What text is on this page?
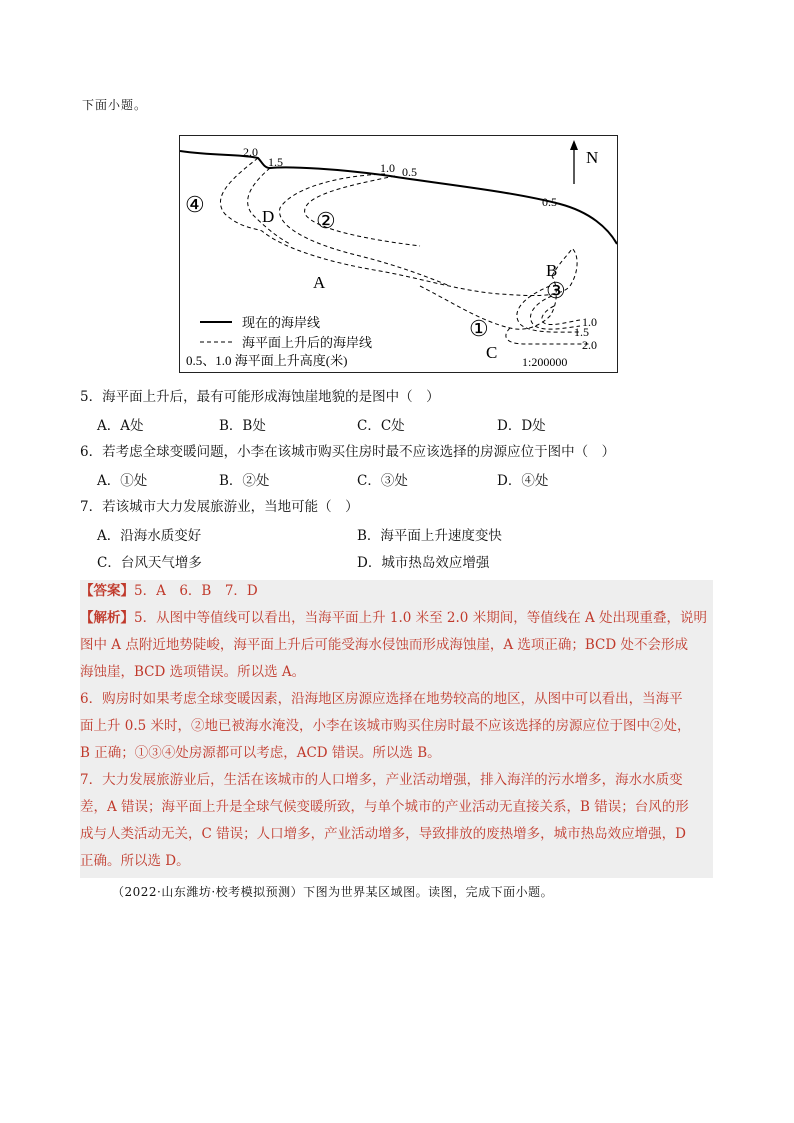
下面小题。
N
2.0
1.5	1.0 0.5
0.5
1.0
1.5
2.0
A
B
C
D
①
②
③
④
现在的海岸线
海平面上升后的海岸线
0.5、1.0 海平面上升高度(米)	1:200000
5．海平面上升后，最有可能形成海蚀崖地貌的是图中（　）
A．A处	B．B处	C．C处	D．D处
6．若考虑全球变暖问题，小李在该城市购买住房时最不应该选择的房源应位于图中（　）
A．①处	B．②处	C．③处	D．④处
7．若该城市大力发展旅游业，当地可能（　）
A．沿海水质变好	B．海平面上升速度变快
C．台风天气增多	D．城市热岛效应增强
【答案】5．A　6．B　7．D
【解析】5．从图中等值线可以看出，当海平面上升 1.0 米至 2.0 米期间，等值线在 A 处出现重叠，说明
图中 A 点附近地势陡峻，海平面上升后可能受海水侵蚀而形成海蚀崖，A 选项正确；BCD 处不会形成
海蚀崖，BCD 选项错误。所以选 A。
6．购房时如果考虑全球变暖因素，沿海地区房源应选择在地势较高的地区，从图中可以看出，当海平
面上升 0.5 米时，②地已被海水淹没，小李在该城市购买住房时最不应该选择的房源应位于图中②处，
B 正确；①③④处房源都可以考虑，ACD 错误。所以选 B。
7．大力发展旅游业后，生活在该城市的人口增多，产业活动增强，排入海洋的污水增多，海水水质变
差，A 错误；海平面上升是全球气候变暖所致，与单个城市的产业活动无直接关系，B 错误；台风的形
成与人类活动无关，C 错误；人口增多，产业活动增多，导致排放的废热增多，城市热岛效应增强，D
正确。所以选 D。
（2022·山东潍坊·校考模拟预测）下图为世界某区域图。读图，完成下面小题。
